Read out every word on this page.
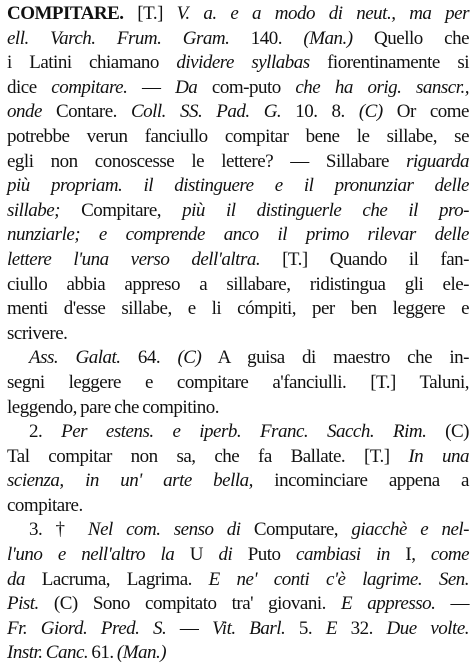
COMPITARE. [T.] V. a. e a modo di neut., ma per
ell. Varch. Frum. Gram. 140. (Man.) Quello che
i Latini chiamano dividere syllabas fiorentinamente si
dice compitare. — Da com-puto che ha orig. sanscr.,
onde Contare. Coll. SS. Pad. G. 10. 8. (C) Or come
potrebbe verun fanciullo compitar bene le sillabe, se
egli non conoscesse le lettere? — Sillabare riguarda
più propriam. il distinguere e il pronunziar delle
sillabe; Compitare, più il distinguerle che il pro-
nunziarle; e comprende anco il primo rilevar delle
lettere l'una verso dell'altra. [T.] Quando il fan-
ciullo abbia appreso a sillabare, ridistingua gli ele-
menti d'esse sillabe, e li cómpiti, per ben leggere e
scrivere.
Ass. Galat. 64. (C) A guisa di maestro che in-
segni leggere e compitare a'fanciulli. [T.] Taluni,
leggendo, pare che compitino.
2. Per estens. e iperb. Franc. Sacch. Rim. (C)
Tal compitar non sa, che fa Ballate. [T.] In una
scienza, in un' arte bella, incominciare appena a
compitare.
3. † Nel com. senso di Computare, giacchè e nel-
l'uno e nell'altro la U di Puto cambiasi in I, come
da Lacruma, Lagrima. E ne' conti c'è lagrime. Sen.
Pist. (C) Sono compitato tra' giovani. E appresso. —
Fr. Giord. Pred. S. — Vit. Barl. 5. E 32. Due volte.
Instr. Canc. 61. (Man.)
